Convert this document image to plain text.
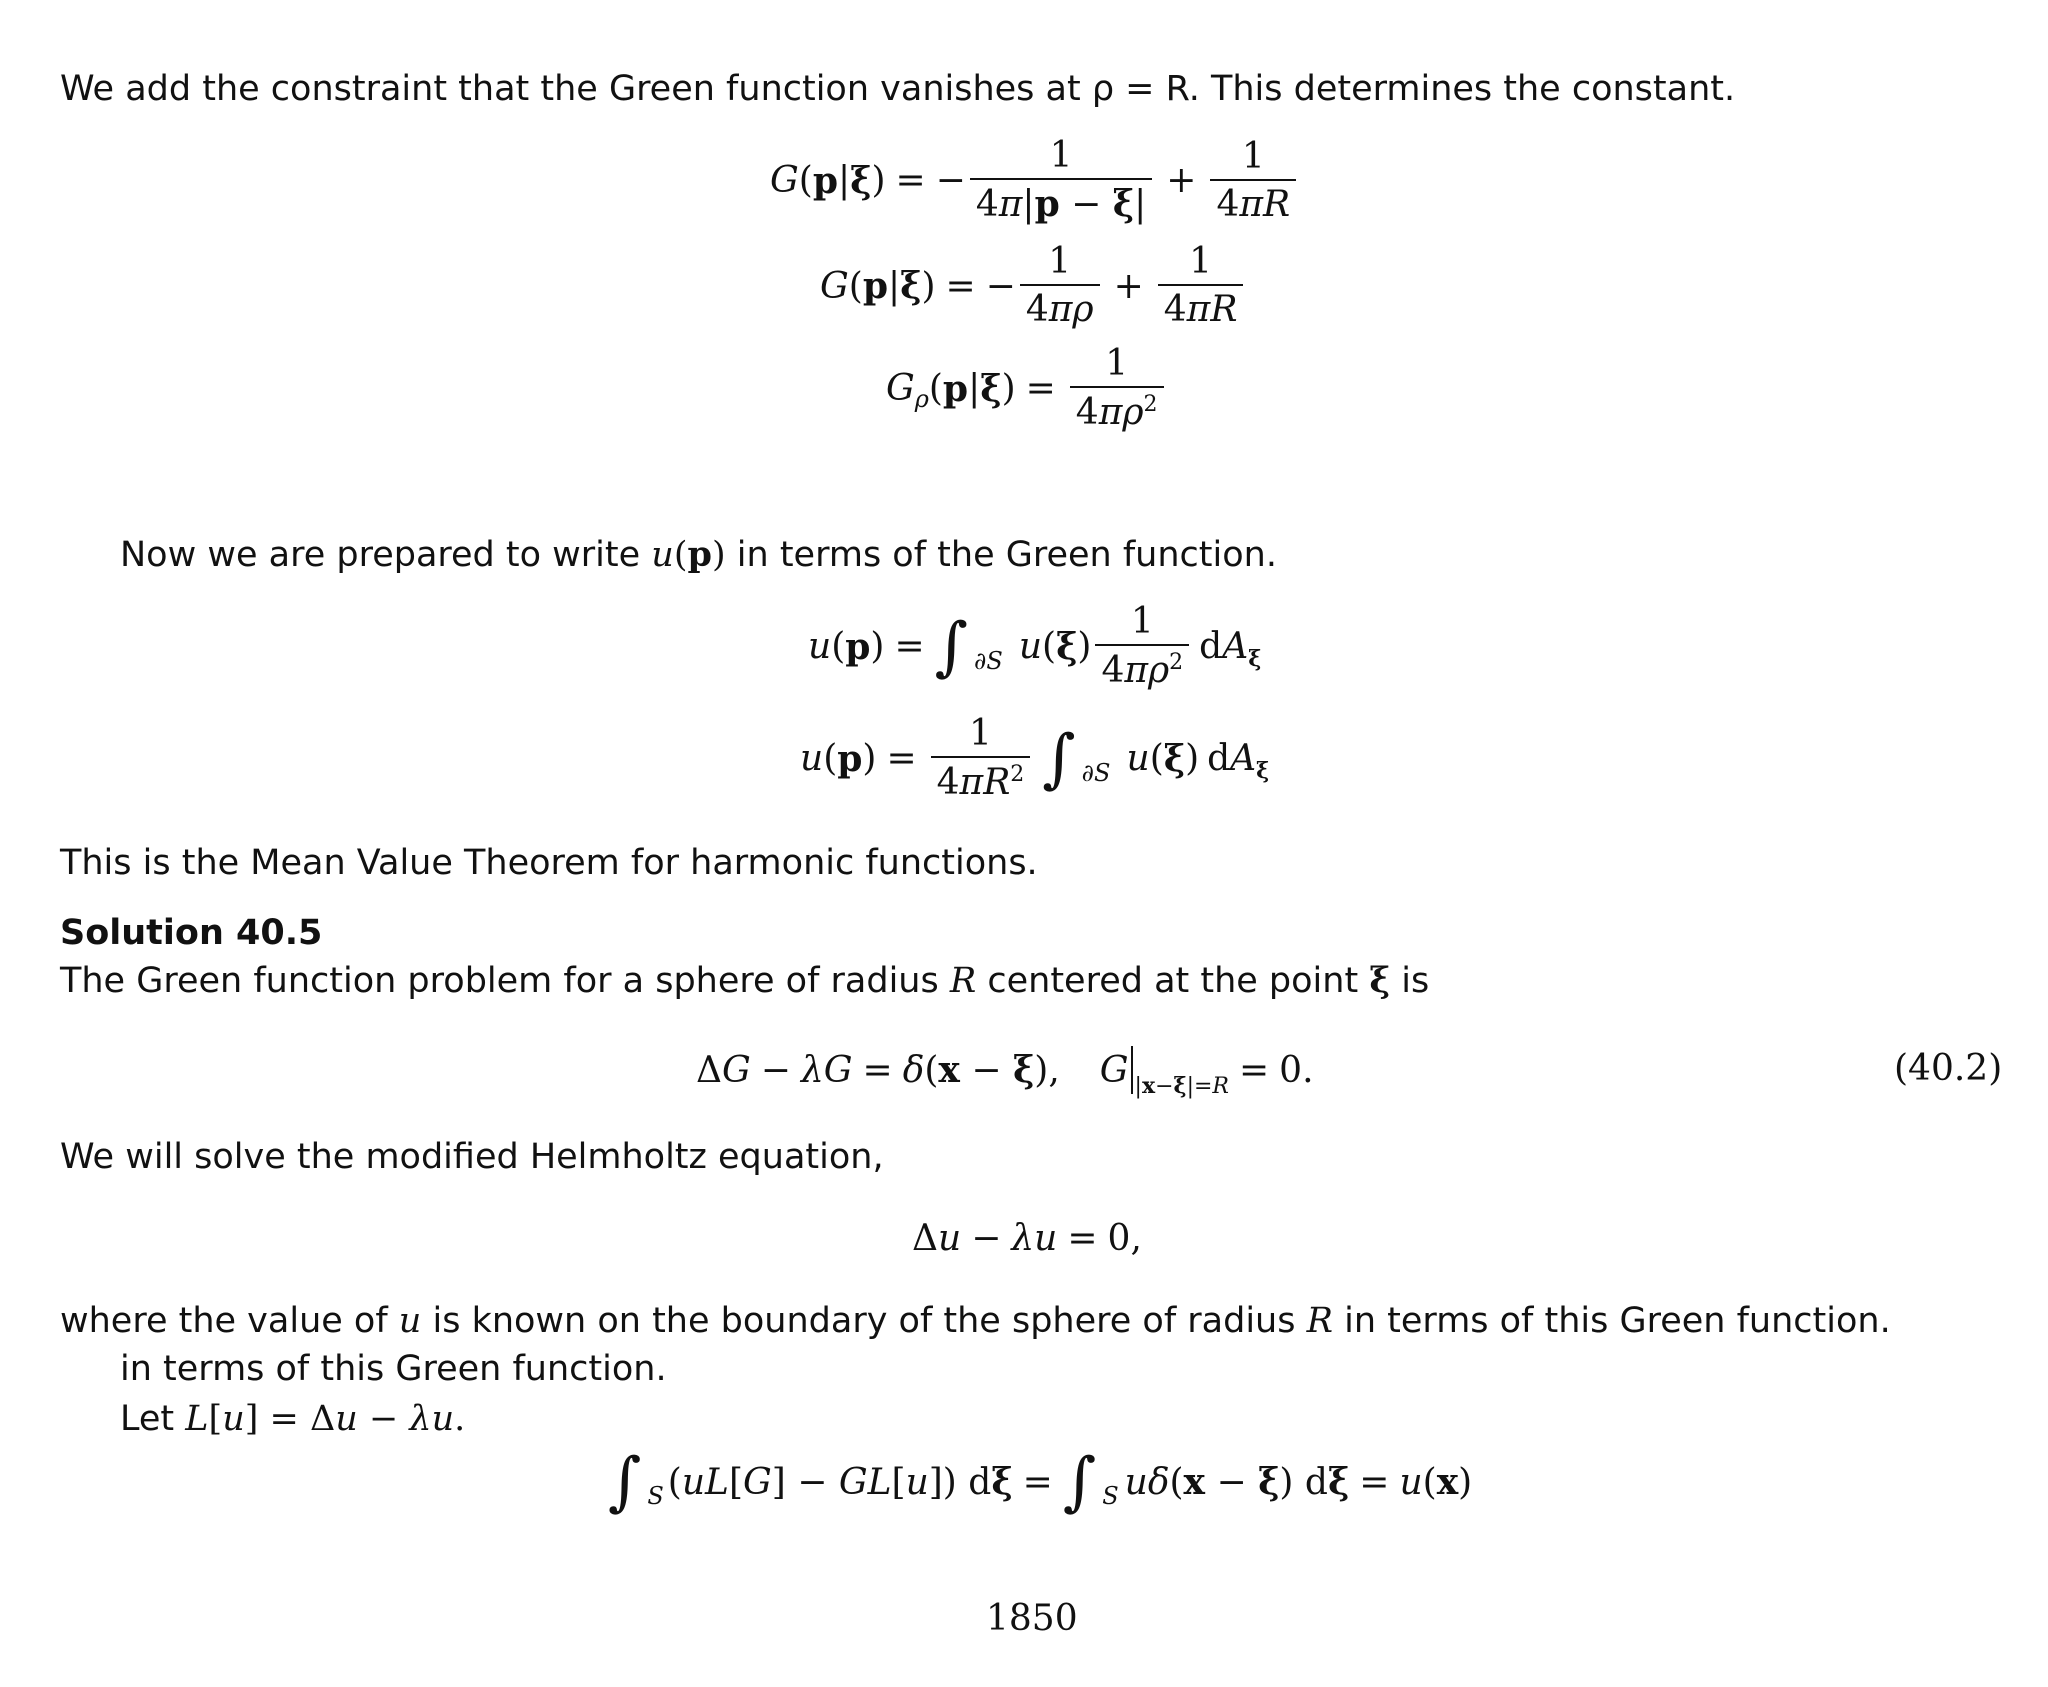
We add the constraint that the Green function vanishes at ρ = R. This determines the constant.
G ( p | ξ ) = − $\frac{1}{4\pi|p - \xi|} + \frac{1}{4\pi R}$
G ( p | ξ ) = − $\frac{1}{4\pi\rho} + \frac{1}{4\pi R}$
G ρ ( p | ξ ) = $\frac{1}{4\pi\rho^2}$
Now we are prepared to write u(p) in terms of the Green function.
u ( p ) = ∫ ∂S u ( ξ ) $\frac{1}{4\pi\rho^2} dA_\xi$
u ( p ) = $\frac{1}{4\pi R^2}$ ∫ ∂S u ( ξ ) $dA_\xi$
This is the Mean Value Theorem for harmonic functions.
Solution 40.5
The Green function problem for a sphere of radius R centered at the point ξ is
ΔG − λG = δ(x − ξ), G |x−ξ|=R = 0.	(40.2)
We will solve the modified Helmholtz equation,
Δu − λu = 0,
where the value of u is known on the boundary of the sphere of radius R in terms of this Green function.
in terms of this Green function.
Let L[u] = Δu − λu.
∫ S (uL[G] − GL[u]) dξ = ∫ S uδ(x − ξ) dξ = u(x)
1850
